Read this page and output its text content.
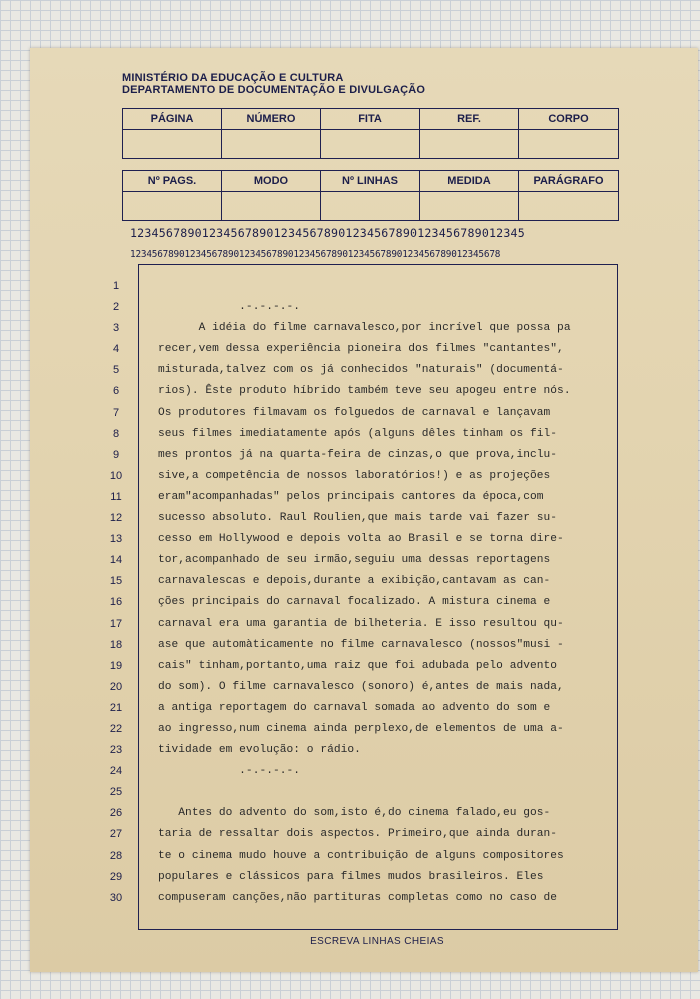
MINISTÉRIO DA EDUCAÇÃO E CULTURA
DEPARTAMENTO DE DOCUMENTAÇÃO E DIVULGAÇÃO
PÁGINA	NÚMERO	FITA	REF.	CORPO
Nº PAGS.	MODO	Nº LINHAS	MEDIDA	PARÁGRAFO
1234567890123456789012345678901234567890123456789012345
12345678901234567890123456789012345678901234567890123456789012345678
1
2
3
4
5
6
7
8
9
10
11
12
13
14
15
16
17
18
19
20
21
22
23
24
25
26
27
28
29
30
.-.-.-.-.
A idéia do filme carnavalesco,por incrível que possa pa
recer,vem dessa experiência pioneira dos filmes "cantantes",
misturada,talvez com os já conhecidos "naturais" (documentá-
rios). Êste produto híbrido também teve seu apogeu entre nós.
Os produtores filmavam os folguedos de carnaval e lançavam
seus filmes imediatamente após (alguns dêles tinham os fil-
mes prontos já na quarta-feira de cinzas,o que prova,inclu-
sive,a competência de nossos laboratórios!) e as projeções
eram"acompanhadas" pelos principais cantores da época,com
sucesso absoluto. Raul Roulien,que mais tarde vai fazer su-
cesso em Hollywood e depois volta ao Brasil e se torna dire-
tor,acompanhado de seu irmão,seguiu uma dessas reportagens
carnavalescas e depois,durante a exibição,cantavam as can-
ções principais do carnaval focalizado. A mistura cinema e
carnaval era uma garantia de bilheteria. E isso resultou qu-
ase que automàticamente no filme carnavalesco (nossos"musi -
cais" tinham,portanto,uma raiz que foi adubada pelo advento
do som). O filme carnavalesco (sonoro) é,antes de mais nada,
a antiga reportagem do carnaval somada ao advento do som e
ao ingresso,num cinema ainda perplexo,de elementos de uma a-
tividade em evolução: o rádio.
.-.-.-.-.
Antes do advento do som,isto é,do cinema falado,eu gos-
taria de ressaltar dois aspectos. Primeiro,que ainda duran-
te o cinema mudo houve a contribuição de alguns compositores
populares e clássicos para filmes mudos brasileiros. Eles
compuseram canções,não partituras completas como no caso de
ESCREVA LINHAS CHEIAS
